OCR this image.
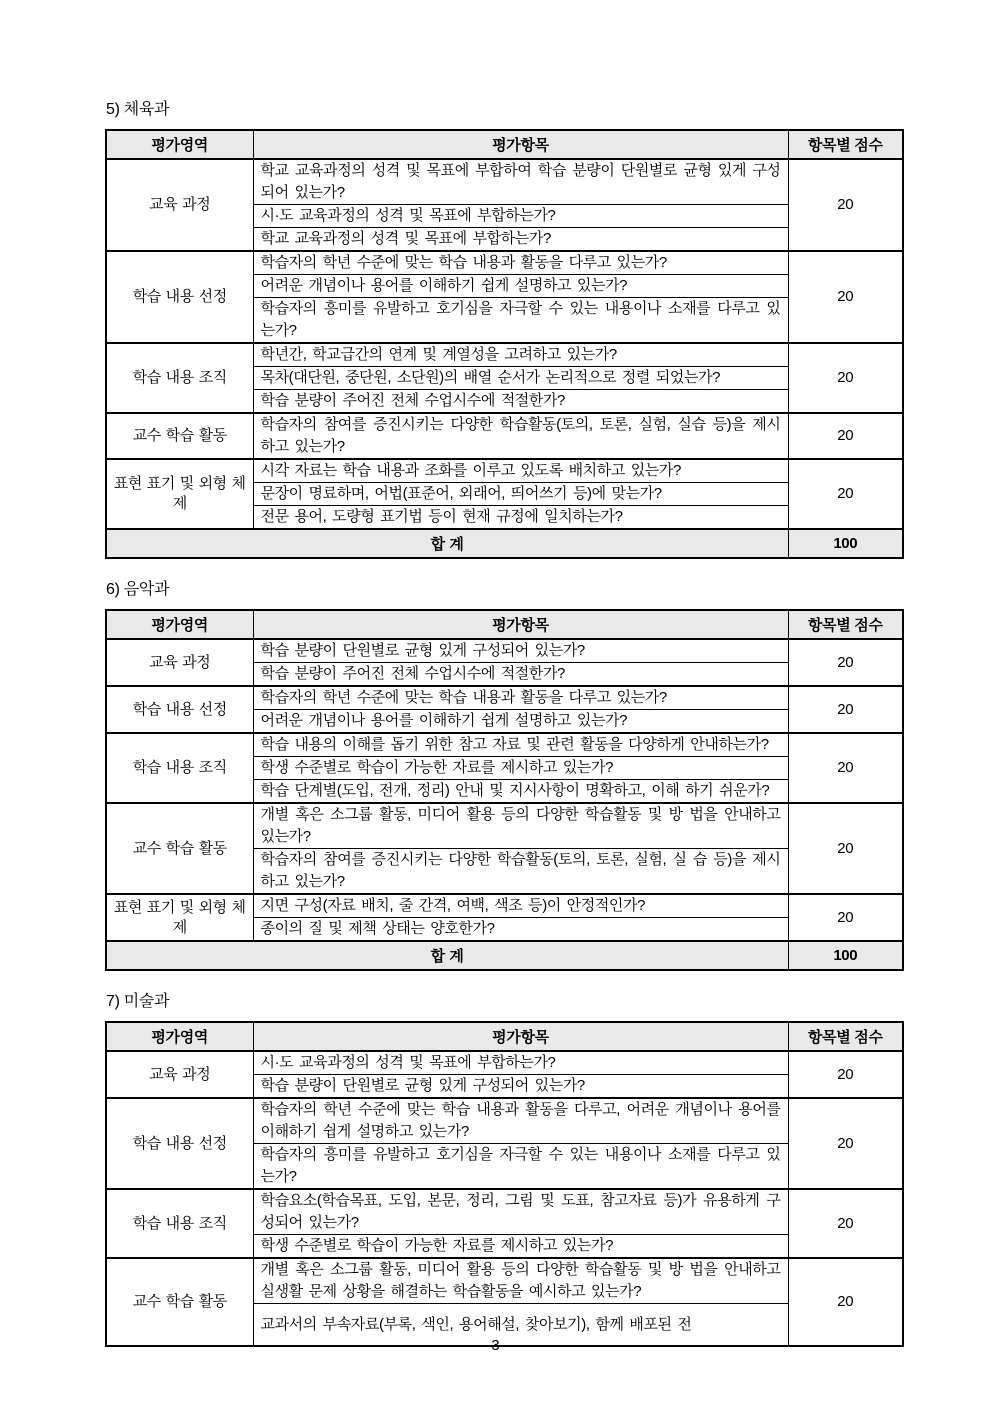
5) 체육과
평가영역	평가항목	항목별 점수
교육 과정	학교 교육과정의 성격 및 목표에 부합하여 학습 분량이 단원별로 균형 있게 구성되어 있는가?	20
	시·도 교육과정의 성격 및 목표에 부합하는가?	
	학교 교육과정의 성격 및 목표에 부합하는가?	
학습 내용 선정	학습자의 학년 수준에 맞는 학습 내용과 활동을 다루고 있는가?	20
	어려운 개념이나 용어를 이해하기 쉽게 설명하고 있는가?	
	학습자의 흥미를 유발하고 호기심을 자극할 수 있는 내용이나 소재를 다루고 있는가?	
학습 내용 조직	학년간, 학교급간의 연계 및 계열성을 고려하고 있는가?	20
	목차(대단원, 중단원, 소단원)의 배열 순서가 논리적으로 정렬 되었는가?	
	학습 분량이 주어진 전체 수업시수에 적절한가?	
교수 학습 활동	학습자의 참여를 증진시키는 다양한 학습활동(토의, 토론, 실험, 실습 등)을 제시하고 있는가?	20
표현 표기 및 외형 체제	시각 자료는 학습 내용과 조화를 이루고 있도록 배치하고 있는가?	20
	문장이 명료하며, 어법(표준어, 외래어, 띄어쓰기 등)에 맞는가?	
	전문 용어, 도량형 표기법 등이 현재 규정에 일치하는가?	
합 계		100
6) 음악과
평가영역	평가항목	항목별 점수
교육 과정	학습 분량이 단원별로 균형 있게 구성되어 있는가?	20
	학습 분량이 주어진 전체 수업시수에 적절한가?	
학습 내용 선정	학습자의 학년 수준에 맞는 학습 내용과 활동을 다루고 있는가?	20
	어려운 개념이나 용어를 이해하기 쉽게 설명하고 있는가?	
학습 내용 조직	학습 내용의 이해를 돕기 위한 참고 자료 및 관련 활동을 다양하게 안내하는가?	20
	학생 수준별로 학습이 가능한 자료를 제시하고 있는가?	
	학습 단계별(도입, 전개, 정리) 안내 및 지시사항이 명확하고, 이해 하기 쉬운가?	
교수 학습 활동	개별 혹은 소그룹 활동, 미디어 활용 등의 다양한 학습활동 및 방 법을 안내하고 있는가?	20
	학습자의 참여를 증진시키는 다양한 학습활동(토의, 토론, 실험, 실 습 등)을 제시하고 있는가?	
표현 표기 및 외형 체제	지면 구성(자료 배치, 줄 간격, 여백, 색조 등)이 안정적인가?	20
	종이의 질 및 제책 상태는 양호한가?	
합 계		100
7) 미술과
평가영역	평가항목	항목별 점수
교육 과정	시·도 교육과정의 성격 및 목표에 부합하는가?	20
	학습 분량이 단원별로 균형 있게 구성되어 있는가?	
학습 내용 선정	학습자의 학년 수준에 맞는 학습 내용과 활동을 다루고, 어려운 개념이나 용어를 이해하기 쉽게 설명하고 있는가?	20
	학습자의 흥미를 유발하고 호기심을 자극할 수 있는 내용이나 소재를 다루고 있는가?	
학습 내용 조직	학습요소(학습목표, 도입, 본문, 정리, 그림 및 도표, 참고자료 등)가 유용하게 구성되어 있는가?	20
	학생 수준별로 학습이 가능한 자료를 제시하고 있는가?	
교수 학습 활동	개별 혹은 소그룹 활동, 미디어 활용 등의 다양한 학습활동 및 방 법을 안내하고 실생활 문제 상황을 해결하는 학습활동을 예시하고 있는가?	20
	교과서의 부속자료(부록, 색인, 용어해설, 찾아보기), 함께 배포된 전	
- 3 -
